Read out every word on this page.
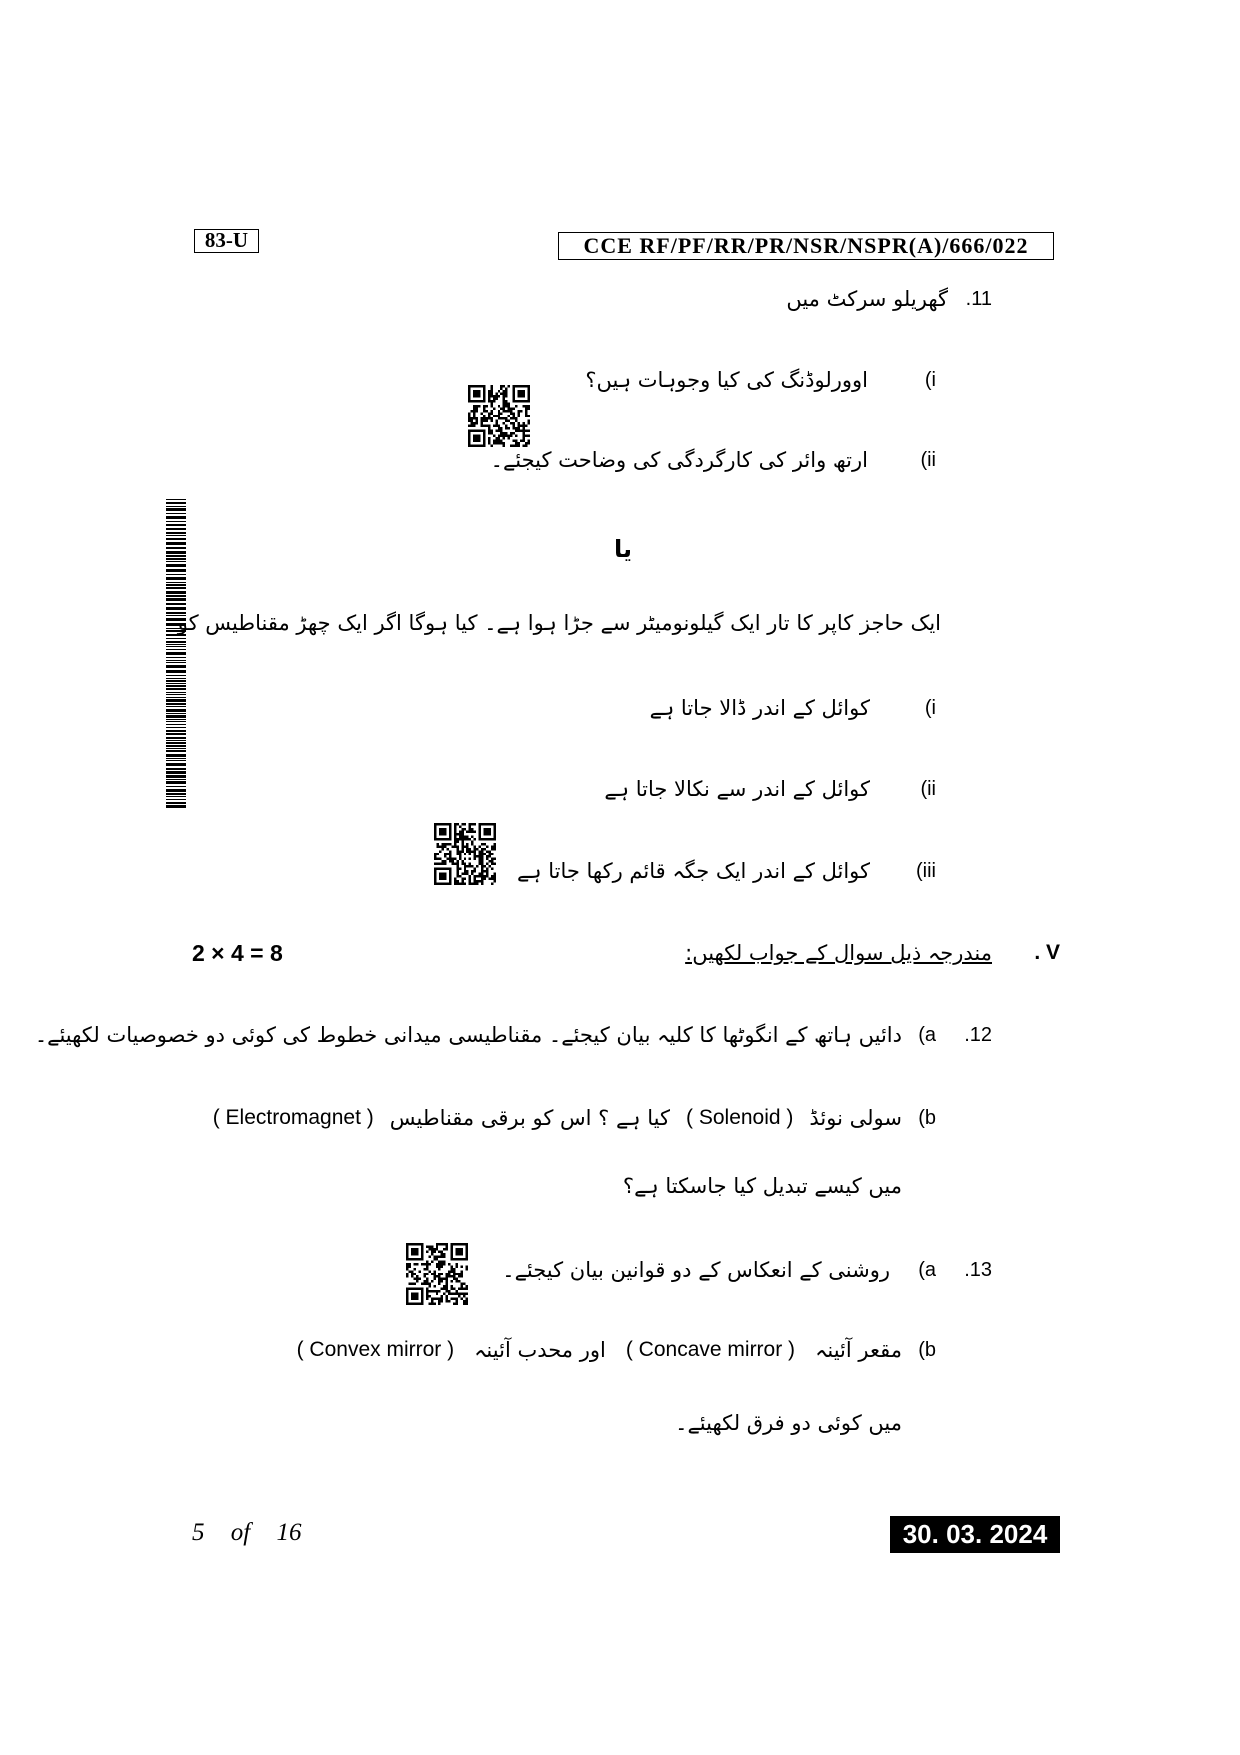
83-U	CCE RF/PF/RR/PR/NSR/NSPR(A)/666/022
11.
گھریلو سرکٹ میں
i)
اوورلوڈنگ کی کیا وجوہات ہیں؟
ii)
ارتھ وائر کی کارگردگی کی وضاحت کیجئے۔
یا
ایک حاجز کاپر کا تار ایک گیلونومیٹر سے جڑا ہوا ہے۔ کیا ہوگا اگر ایک چھڑ مقناطیس کو
i)
کوائل کے اندر ڈالا جاتا ہے
ii)
کوائل کے اندر سے نکالا جاتا ہے
iii)
کوائل کے اندر ایک جگہ قائم رکھا جاتا ہے
V .
مندرجہ ذیل سوال کے جواب لکھیں:
2 × 4 = 8
12.
a)
دائیں ہاتھ کے انگوٹھا کا کلیہ بیان کیجئے۔ مقناطیسی میدانی خطوط کی کوئی دو خصوصیات لکھیئے۔
b)
سولی نوئڈ
( Solenoid )
کیا ہے ؟ اس کو برقی مقناطیس
( Electromagnet )
میں کیسے تبدیل کیا جاسکتا ہے؟
13.
a)
روشنی کے انعکاس کے دو قوانین بیان کیجئے۔
b)
مقعر آئینہ
( Concave mirror )
اور محدب آئینہ
( Convex mirror )
میں کوئی دو فرق لکھیئے۔
5 of 16	30. 03. 2024
